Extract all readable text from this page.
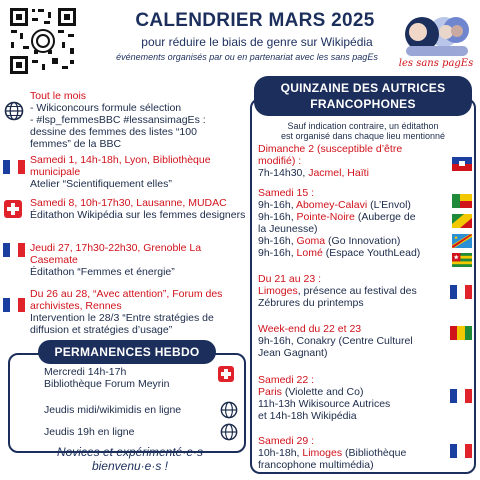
CALENDRIER MARS 2025
pour réduire le biais de genre sur Wikipédia
événements organisés par ou en partenariat avec les sans pagEs
les sans pagEs
Tout le mois
- Wikiconcours formule sélection
- #lsp_femmesBBC #lessansimagEs :
dessine des femmes des listes “100
femmes” de la BBC
Samedi 1, 14h-18h, Lyon, Bibliothèque municipale
Atelier “Scientifiquement elles”
Samedi 8, 10h-17h30, Lausanne, MUDAC
Éditathon Wikipédia sur les femmes designers
Jeudi 27, 17h30-22h30, Grenoble La Casemate
Éditathon “Femmes et énergie”
Du 26 au 28, “Avec attention”, Forum des archivistes, Rennes
Intervention le 28/3 “Entre stratégies de diffusion et stratégies d’usage”
PERMANENCES HEBDO
Mercredi 14h-17h
Bibliothèque Forum Meyrin
Jeudis midi/wikimidis en ligne
Jeudis 19h en ligne
Novices et expérimenté·e·s bienvenu·e·s !
QUINZAINE DES AUTRICES
FRANCOPHONES
Sauf indication contraire, un éditathon
est organisé dans chaque lieu mentionné
Dimanche 2 (susceptible d’être modifié) :
7h-14h30, Jacmel, Haïti
Samedi 15 :
9h-16h, Abomey-Calavi (L’Envol)
9h-16h, Pointe-Noire (Auberge de
la Jeunesse)
9h-16h, Goma (Go Innovation)
9h-16h, Lomé (Espace YouthLead)
Du 21 au 23 :
Limoges, présence au festival des
Zébrures du printemps
Week-end du 22 et 23
9h-16h, Conakry (Centre Culturel
Jean Gagnant)
Samedi 22 :
Paris (Violette and Co)
11h-13h Wikisource Autrices
et 14h-18h Wikipédia
Samedi 29 :
10h-18h, Limoges (Bibliothèque
francophone multimédia)
